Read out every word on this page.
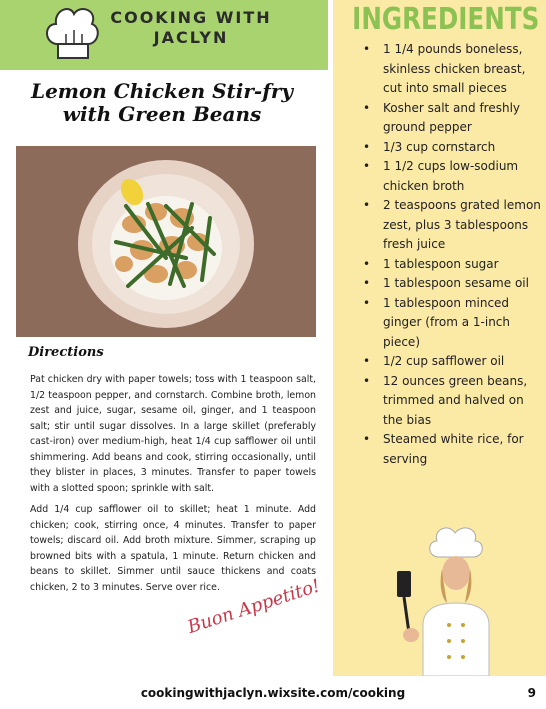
COOKING WITH
JACLYN
Lemon Chicken Stir-fry with Green Beans
Directions

Pat chicken dry with paper towels; toss with 1 teaspoon salt, 1/2 teaspoon pepper, and cornstarch. Combine broth, lemon zest and juice, sugar, sesame oil, ginger, and 1 teaspoon salt; stir until sugar dissolves. In a large skillet (preferably cast-iron) over medium-high, heat 1/4 cup safflower oil until shimmering. Add beans and cook, stirring occasionally, until they blister in places, 3 minutes. Transfer to paper towels with a slotted spoon; sprinkle with salt.

Add 1/4 cup safflower oil to skillet; heat 1 minute. Add chicken; cook, stirring once, 4 minutes. Transfer to paper towels; discard oil. Add broth mixture. Simmer, scraping up browned bits with a spatula, 1 minute. Return chicken and beans to skillet. Simmer until sauce thickens and coats chicken, 2 to 3 minutes. Serve over rice.

Buon Appetito!
INGREDIENTS
• 1 1/4 pounds boneless, skinless chicken breast, cut into small pieces
• Kosher salt and freshly ground pepper
• 1/3 cup cornstarch
• 1 1/2 cups low-sodium chicken broth
• 2 teaspoons grated lemon zest, plus 3 tablespoons fresh juice
• 1 tablespoon sugar
• 1 tablespoon sesame oil
• 1 tablespoon minced ginger (from a 1-inch piece)
• 1/2 cup safflower oil
• 12 ounces green beans, trimmed and halved on the bias
• Steamed white rice, for serving
cookingwithjaclyn.wixsite.com/cooking	9
